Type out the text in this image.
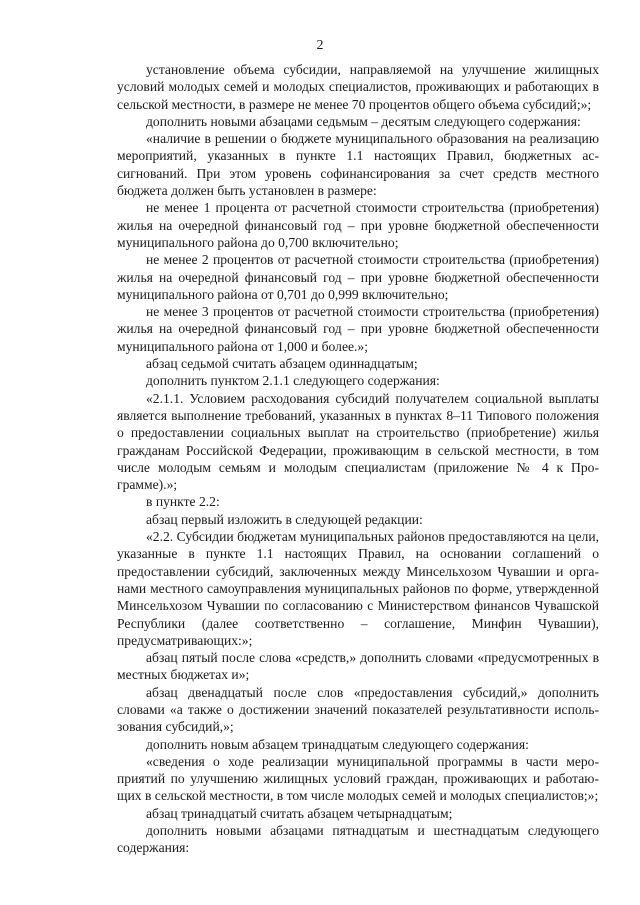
2

установление объема субсидии, направляемой на улучшение жилищных условий молодых семей и молодых специалистов, проживающих и работающих в сельской местности, в размере не менее 70 процентов общего объема субсидий;»;

дополнить новыми абзацами седьмым – десятым следующего содержания:

«наличие в решении о бюджете муниципального образования на реализацию мероприятий, указанных в пункте 1.1 настоящих Правил, бюджетных ассигнований. При этом уровень софинансирования за счет средств местного бюджета должен быть установлен в размере:

не менее 1 процента от расчетной стоимости строительства (приобретения) жилья на очередной финансовый год – при уровне бюджетной обеспеченности муниципального района до 0,700 включительно;

не менее 2 процентов от расчетной стоимости строительства (приобретения) жилья на очередной финансовый год – при уровне бюджетной обеспеченности муниципального района от 0,701 до 0,999 включительно;

не менее 3 процентов от расчетной стоимости строительства (приобретения) жилья на очередной финансовый год – при уровне бюджетной обеспеченности муниципального района от 1,000 и более.»;

абзац седьмой считать абзацем одиннадцатым;

дополнить пунктом 2.1.1 следующего содержания:

«2.1.1. Условием расходования субсидий получателем социальной выплаты является выполнение требований, указанных в пунктах 8–11 Типового положения о предоставлении социальных выплат на строительство (приобретение) жилья гражданам Российской Федерации, проживающим в сельской местности, в том числе молодым семьям и молодым специалистам (приложение № 4 к Программе).»;

в пункте 2.2:

абзац первый изложить в следующей редакции:

«2.2. Субсидии бюджетам муниципальных районов предоставляются на цели, указанные в пункте 1.1 настоящих Правил, на основании соглашений о предоставлении субсидий, заключенных между Минсельхозом Чувашии и органами местного самоуправления муниципальных районов по форме, утвержденной Минсельхозом Чувашии по согласованию с Министерством финансов Чувашской Республики (далее соответственно – соглашение, Минфин Чувашии), предусматривающих:»;

абзац пятый после слова «средств,» дополнить словами «предусмотренных в местных бюджетах и»;

абзац двенадцатый после слов «предоставления субсидий,» дополнить словами «а также о достижении значений показателей результативности использования субсидий,»;

дополнить новым абзацем тринадцатым следующего содержания:

«сведения о ходе реализации муниципальной программы в части мероприятий по улучшению жилищных условий граждан, проживающих и работающих в сельской местности, в том числе молодых семей и молодых специалистов;»;

абзац тринадцатый считать абзацем четырнадцатым;

дополнить новыми абзацами пятнадцатым и шестнадцатым следующего содержания:
